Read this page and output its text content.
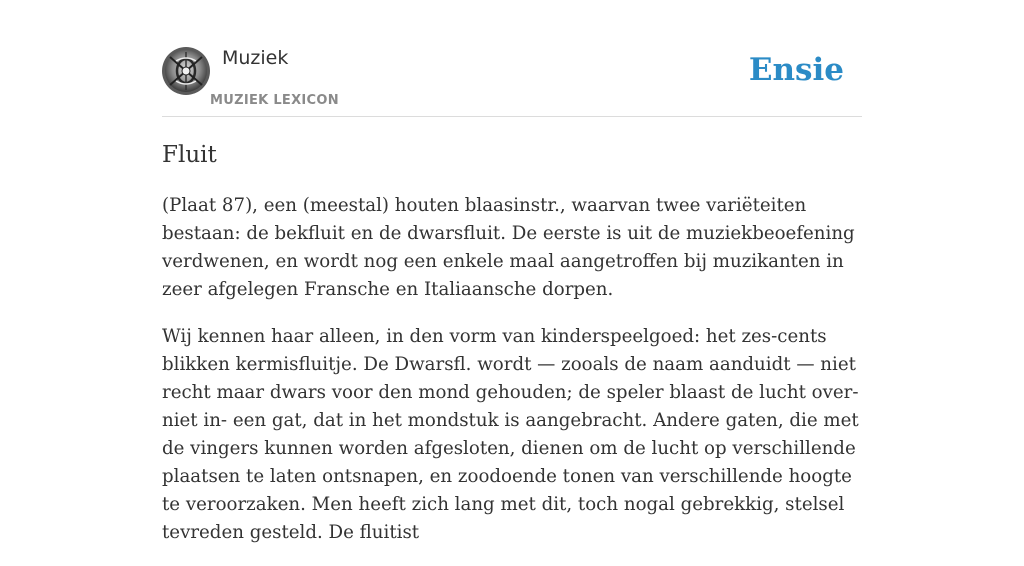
Muziek
MUZIEK LEXICON
Ensie
Fluit

(Plaat 87), een (meestal) houten blaasinstr., waarvan twee variëteiten bestaan: de bekfluit en de dwarsfluit. De eerste is uit de muziekbeoefening verdwenen, en wordt nog een enkele maal aangetroffen bij muzikanten in zeer afgelegen Fransche en Italiaansche dorpen.

Wij kennen haar alleen, in den vorm van kinderspeelgoed: het zes-cents blikken kermisfluitje. De Dwarsfl. wordt — zooals de naam aanduidt — niet recht maar dwars voor den mond gehouden; de speler blaast de lucht over- niet in- een gat, dat in het mondstuk is aangebracht. Andere gaten, die met de vingers kunnen worden afgesloten, dienen om de lucht op verschillende plaatsen te laten ontsnapen, en zoodoende tonen van verschillende hoogte te veroorzaken. Men heeft zich lang met dit, toch nogal gebrekkig, stelsel tevreden gesteld. De fluitist
